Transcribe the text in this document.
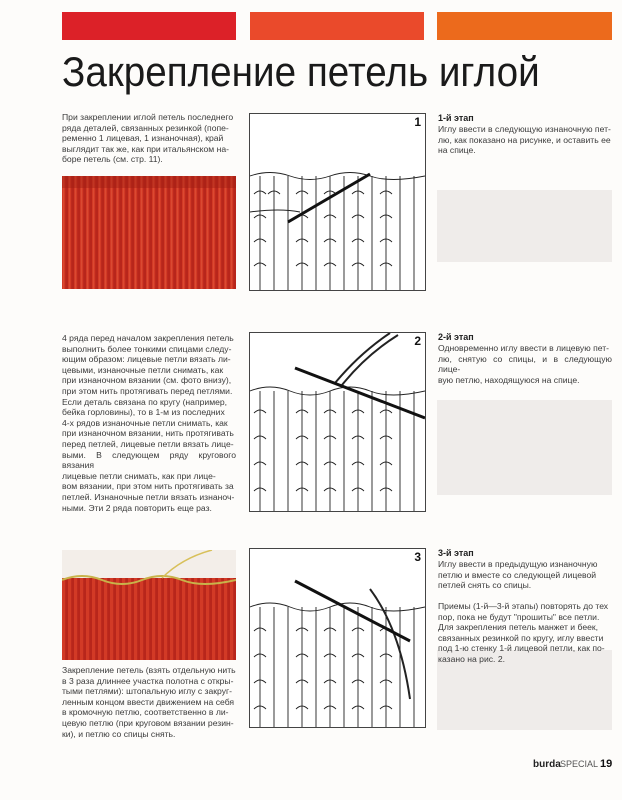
Закрепление петель иглой
При закреплении иглой петель последнего
ряда деталей, связанных резинкой (попе-
ременно 1 лицевая, 1 изнаночная), край
выглядит так же, как при итальянском на-
боре петель (см. стр. 11).
4 ряда перед началом закрепления петель
выполнить более тонкими спицами следу-
ющим образом: лицевые петли вязать ли-
цевыми, изнаночные петли снимать, как
при изнаночном вязании (см. фото внизу),
при этом нить протягивать перед петлями.
Если деталь связана по кругу (например,
бейка горловины), то в 1-м из последних
4-х рядов изнаночные петли снимать, как
при изнаночном вязании, нить протягивать
перед петлей, лицевые петли вязать лице-
выми. В следующем ряду кругового вязания
лицевые петли снимать, как при лице-
вом вязании, при этом нить протягивать за
петлей. Изнаночные петли вязать изнаноч-
ными. Эти 2 ряда повторить еще раз.
Закрепление петель (взять отдельную нить
в 3 раза длиннее участка полотна с откры-
тыми петлями): штопальную иглу с закруг-
ленным концом ввести движением на себя
в кромочную петлю, соответственно в ли-
цевую петлю (при круговом вязании резин-
ки), и петлю со спицы снять.
1
2
3
1-й этап
Иглу ввести в следующую изнаночную пет-
лю, как показано на рисунке, и оставить ее
на спице.
2-й этап
Одновременно иглу ввести в лицевую пет-
лю, снятую со спицы, и в следующую лице-
вую петлю, находящуюся на спице.
3-й этап
Иглу ввести в предыдущую изнаночную
петлю и вместе со следующей лицевой
петлей снять со спицы.
Приемы (1-й—3-й этапы) повторять до тех
пор, пока не будут "прошиты" все петли.
Для закрепления петель манжет и беек,
связанных резинкой по кругу, иглу ввести
под 1-ю стенку 1-й лицевой петли, как по-
казано на рис. 2.
burda SPECIAL 19
